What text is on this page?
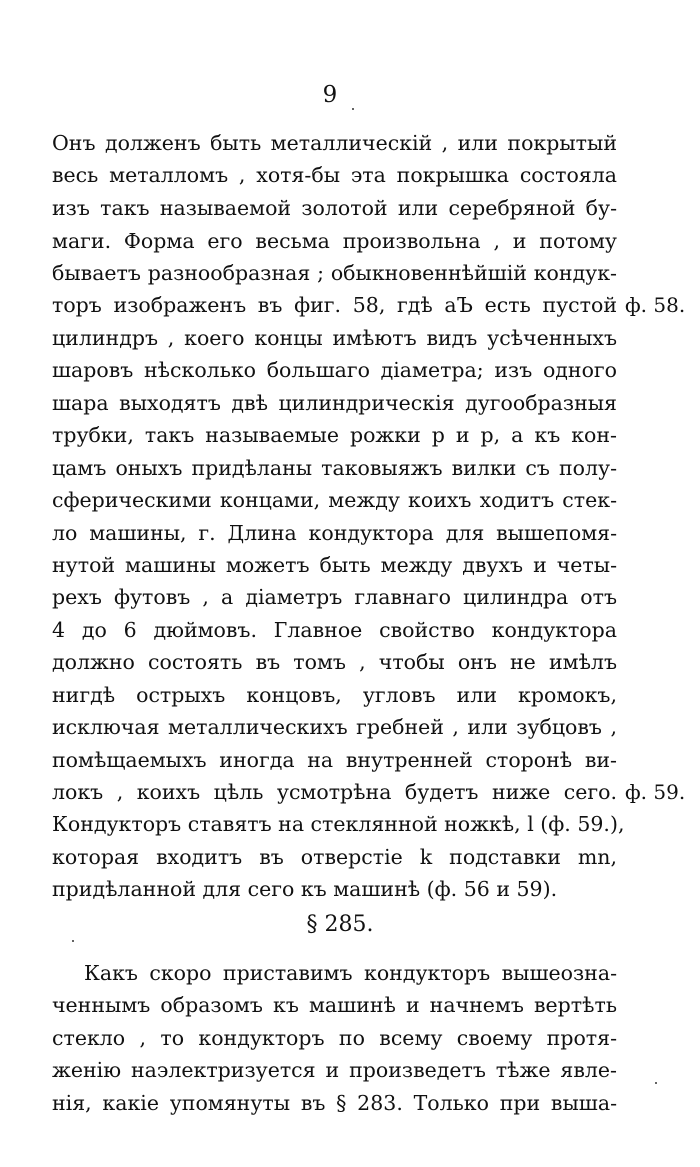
9
Онъ долженъ быть металлическій , или покрытый
весь металломъ , хотя-бы эта покрышка состояла
изъ такъ называемой золотой или серебряной бу-
маги. Форма его весьма произвольна , и потому
бываетъ разнообразная ; обыкновеннѣйшій кондук-
торъ изображенъ въ фиг. 58, гдѣ аЪ есть пустой
цилиндръ , коего концы имѣютъ видъ усѣченныхъ
шаровъ нѣсколько большаго діаметра; изъ одного
шара выходятъ двѣ цилиндрическія дугообразныя
трубки, такъ называемые рожки р и р, а къ кон-
цамъ оныхъ придѣланы таковыяжъ вилки съ полу-
сферическими концами, между коихъ ходитъ стек-
ло машины, г. Длина кондуктора для вышепомя-
нутой машины можетъ быть между двухъ и четы-
рехъ футовъ , а діаметръ главнаго цилиндра отъ
4 до 6 дюймовъ. Главное свойство кондуктора
должно состоять въ томъ , чтобы онъ не имѣлъ
нигдѣ острыхъ концовъ, угловъ или кромокъ,
исключая металлическихъ гребней , или зубцовъ ,
помѣщаемыхъ иногда на внутренней сторонѣ ви-
локъ , коихъ цѣль усмотрѣна будетъ ниже сего.
Кондукторъ ставятъ на стеклянной ножкѣ, l (ф. 59.),
которая входитъ въ отверстіе k подставки mn,
придѣланной для сего къ машинѣ (ф. 56 и 59).
ф. 58.
ф. 59.
§ 285.
Какъ скоро приставимъ кондукторъ вышеозна-
ченнымъ образомъ къ машинѣ и начнемъ вертѣть
стекло , то кондукторъ по всему своему протя-
женію наэлектризуется и произведетъ тѣже явле-
нія, какіе упомянуты въ § 283. Только при выша-
